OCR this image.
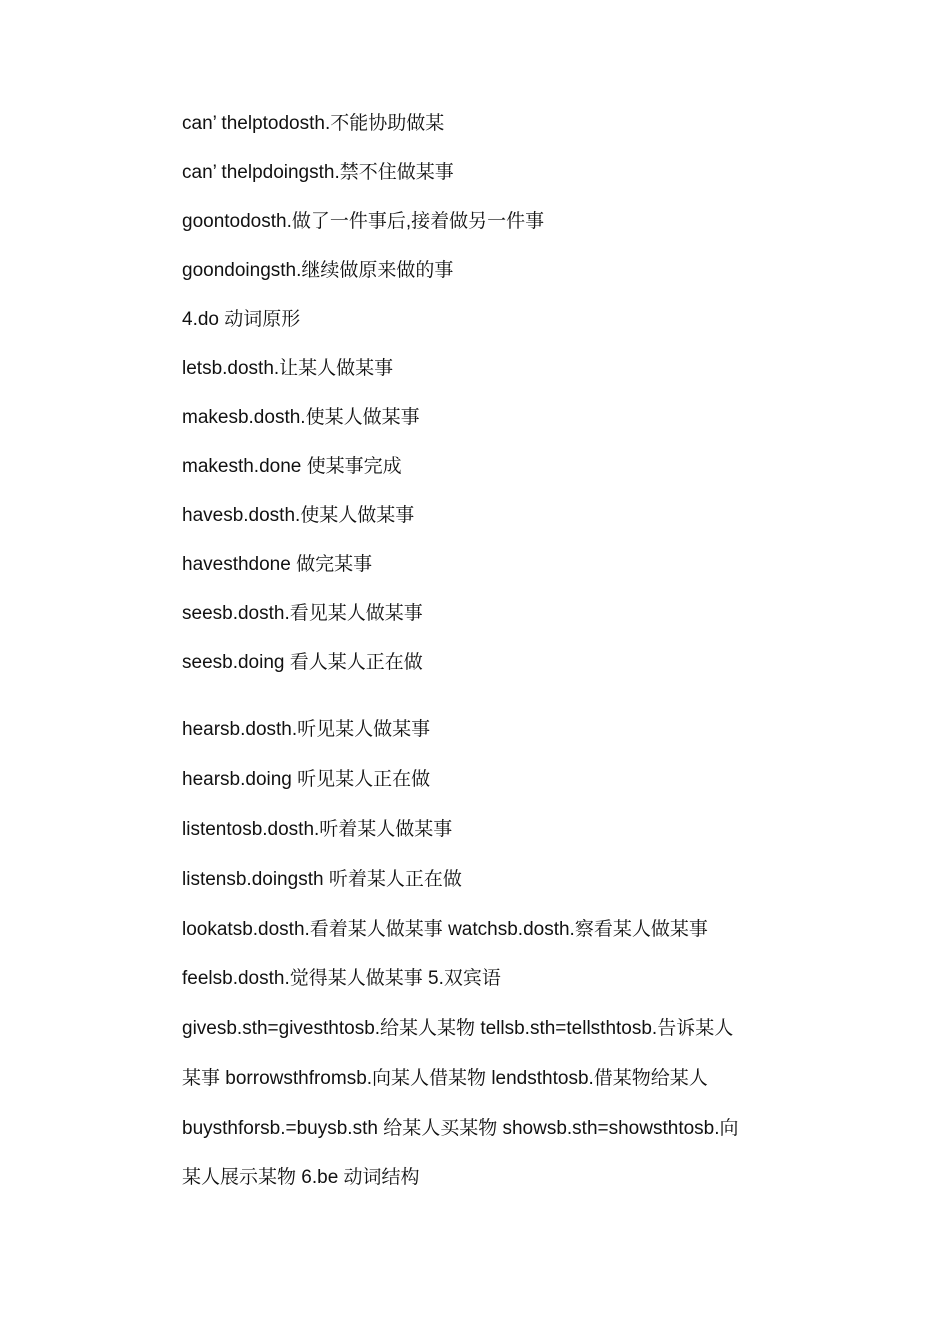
can’ thelptodosth.不能协助做某
can’ thelpdoingsth.禁不住做某事
goontodosth.做了一件事后,接着做另一件事
goondoingsth.继续做原来做的事
4.do 动词原形
letsb.dosth.让某人做某事
makesb.dosth.使某人做某事
makesth.done 使某事完成
havesb.dosth.使某人做某事
havesthdone 做完某事
seesb.dosth.看见某人做某事
seesb.doing 看人某人正在做
hearsb.dosth.听见某人做某事
hearsb.doing 听见某人正在做
listentosb.dosth.听着某人做某事
listensb.doingsth 听着某人正在做
lookatsb.dosth.看着某人做某事 watchsb.dosth.察看某人做某事
feelsb.dosth.觉得某人做某事 5.双宾语
givesb.sth=givesthtosb.给某人某物 tellsb.sth=tellsthtosb.告诉某人
某事 borrowsthfromsb.向某人借某物 lendsthtosb.借某物给某人
buysthforsb.=buysb.sth 给某人买某物 showsb.sth=showsthtosb.向
某人展示某物 6.be 动词结构
